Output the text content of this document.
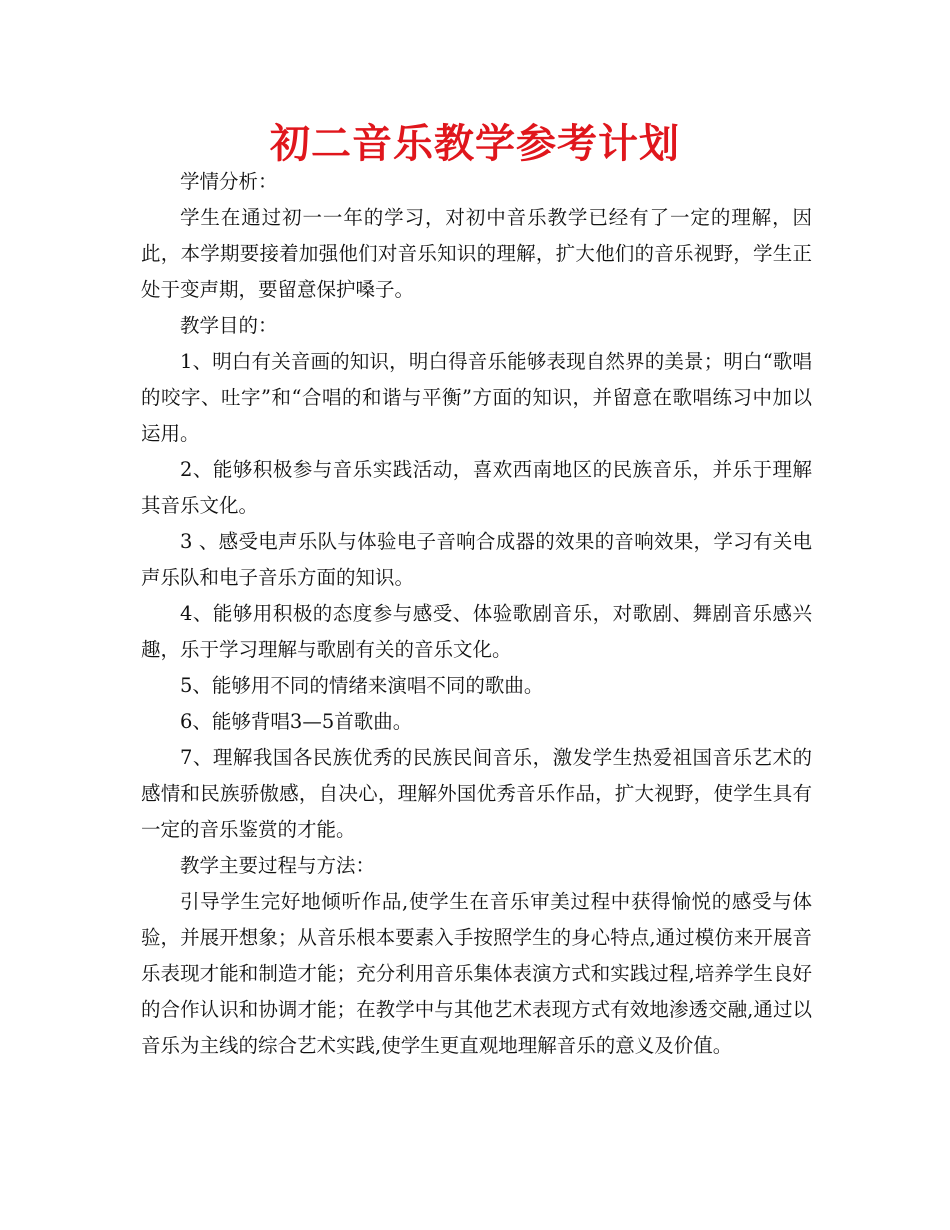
初二音乐教学参考计划

学情分析：

学生在通过初一一年的学习，对初中音乐教学已经有了一定的理解，因此，本学期要接着加强他们对音乐知识的理解，扩大他们的音乐视野，学生正处于变声期，要留意保护嗓子。

教学目的：

1、明白有关音画的知识，明白得音乐能够表现自然界的美景；明白“歌唱的咬字、吐字”和“合唱的和谐与平衡”方面的知识，并留意在歌唱练习中加以运用。

2、能够积极参与音乐实践活动，喜欢西南地区的民族音乐，并乐于理解其音乐文化。

3 、感受电声乐队与体验电子音响合成器的效果的音响效果，学习有关电声乐队和电子音乐方面的知识。

4、能够用积极的态度参与感受、体验歌剧音乐，对歌剧、舞剧音乐感兴趣，乐于学习理解与歌剧有关的音乐文化。

5、能够用不同的情绪来演唱不同的歌曲。

6、能够背唱3—5首歌曲。

7、理解我国各民族优秀的民族民间音乐，激发学生热爱祖国音乐艺术的感情和民族骄傲感，自决心，理解外国优秀音乐作品，扩大视野，使学生具有一定的音乐鉴赏的才能。

教学主要过程与方法：

引导学生完好地倾听作品,使学生在音乐审美过程中获得愉悦的感受与体验，并展开想象；从音乐根本要素入手按照学生的身心特点,通过模仿来开展音乐表现才能和制造才能；充分利用音乐集体表演方式和实践过程,培养学生良好的合作认识和协调才能；在教学中与其他艺术表现方式有效地渗透交融,通过以音乐为主线的综合艺术实践,使学生更直观地理解音乐的意义及价值。
